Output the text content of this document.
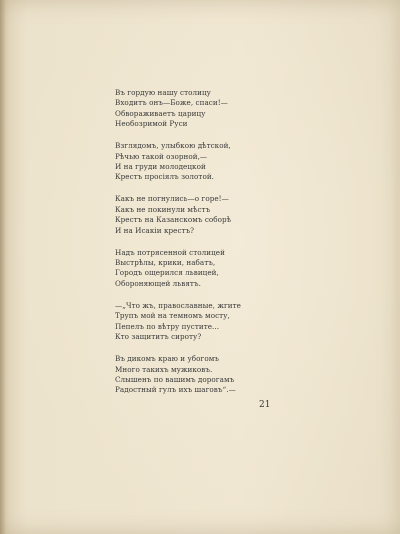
Въ гордую нашу столицу
Входитъ онъ—Боже, спаси!—
Обвораживаетъ царицу
Необозримой Руси
Взглядомъ, улыбкою дѣтской,
Рѣчью такой озорной,—
И на груди молодецкой
Крестъ просіялъ золотой.
Какъ не погнулись—о горе!—
Какъ не покинули мѣстъ
Крестъ на Казанскомъ соборѣ
И на Исакіи крестъ?
Надъ потрясенной столицей
Выстрѣлы, крики, набатъ,
Городъ ощерился львицей,
Обороняющей львятъ.
—„Что жъ, православные, жгите
Трупъ мой на темномъ мосту,
Пепелъ по вѣтру пустите...
Кто защититъ сироту?
Въ дикомъ краю и убогомъ
Много такихъ мужиковъ.
Слышенъ по вашимъ дорогамъ
Радостный гулъ ихъ шаговъ“.—
21
